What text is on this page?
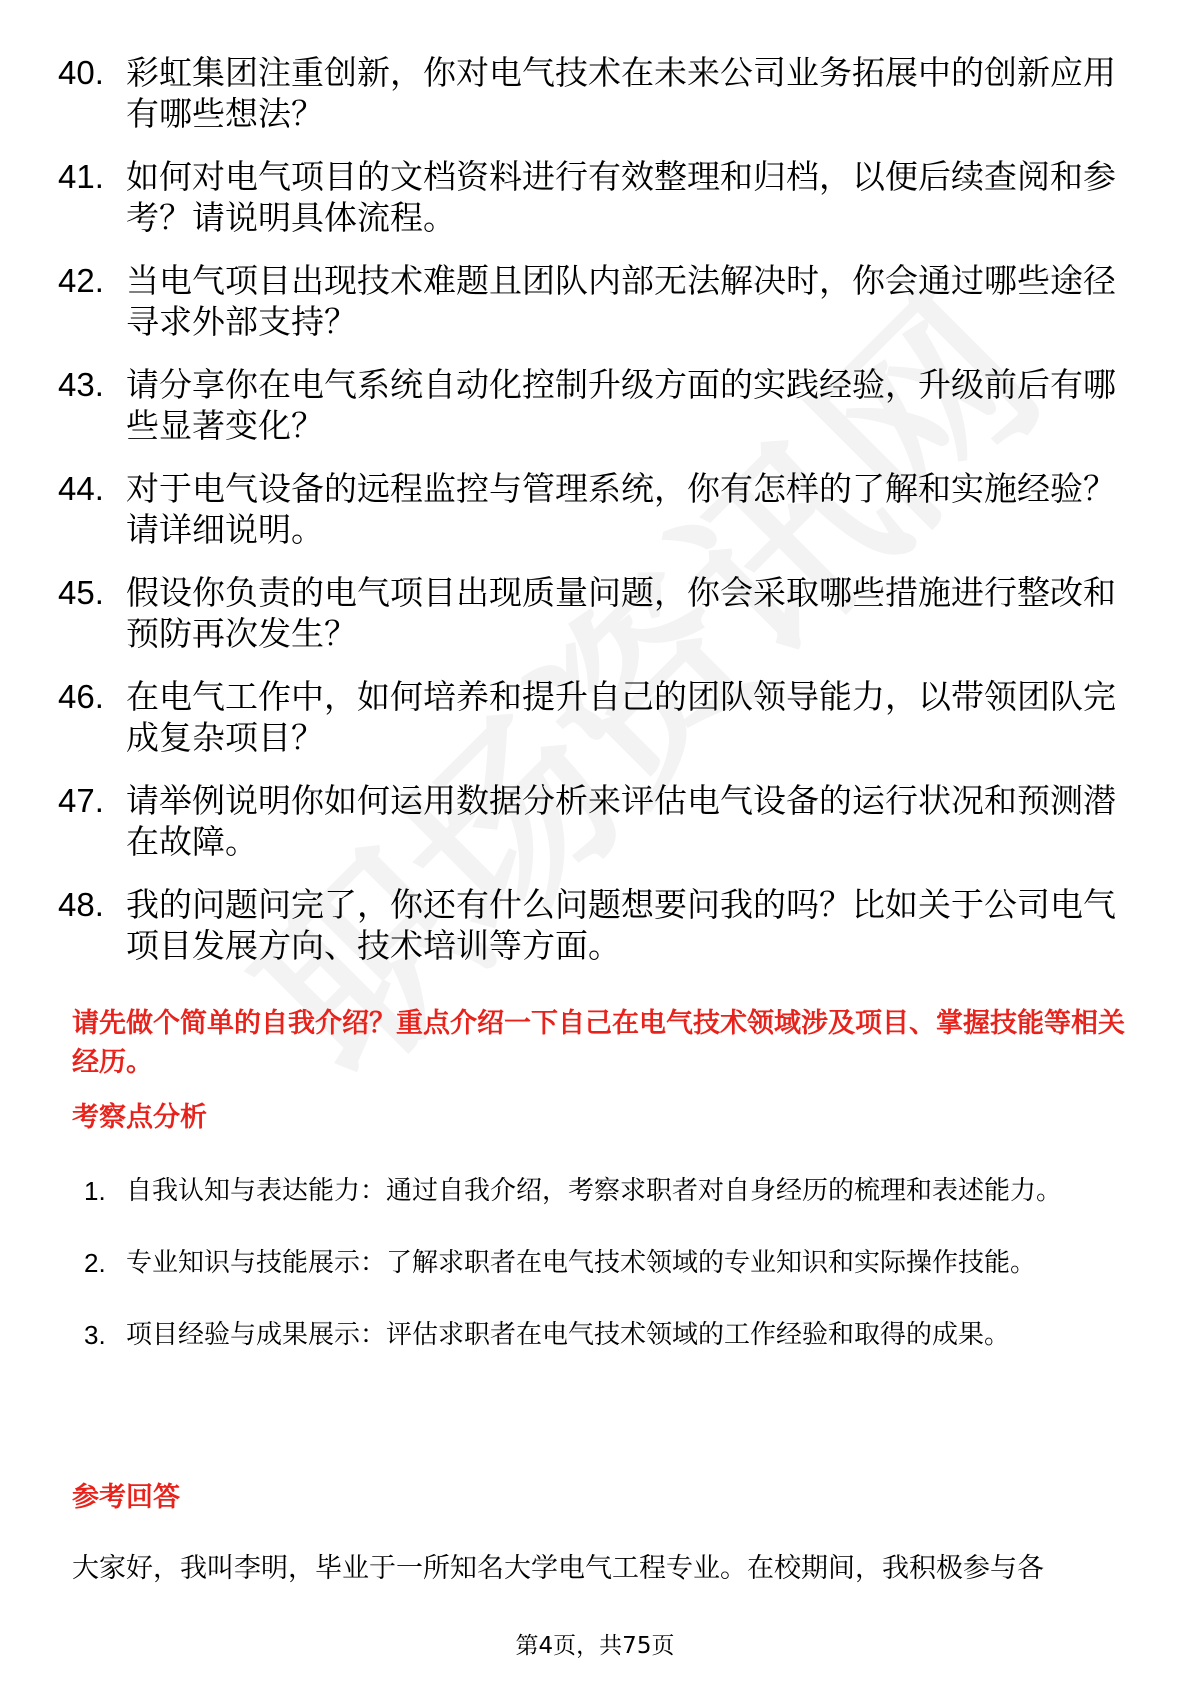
40. 彩虹集团注重创新，你对电气技术在未来公司业务拓展中的创新应用有哪些想法？
41. 如何对电气项目的文档资料进行有效整理和归档，以便后续查阅和参考？请说明具体流程。
42. 当电气项目出现技术难题且团队内部无法解决时，你会通过哪些途径寻求外部支持？
43. 请分享你在电气系统自动化控制升级方面的实践经验，升级前后有哪些显著变化？
44. 对于电气设备的远程监控与管理系统，你有怎样的了解和实施经验？请详细说明。
45. 假设你负责的电气项目出现质量问题，你会采取哪些措施进行整改和预防再次发生？
46. 在电气工作中，如何培养和提升自己的团队领导能力，以带领团队完成复杂项目？
47. 请举例说明你如何运用数据分析来评估电气设备的运行状况和预测潜在故障。
48. 我的问题问完了，你还有什么问题想要问我的吗？比如关于公司电气项目发展方向、技术培训等方面。
请先做个简单的自我介绍？重点介绍一下自己在电气技术领域涉及项目、掌握技能等相关经历。
考察点分析
1. 自我认知与表达能力：通过自我介绍，考察求职者对自身经历的梳理和表述能力。
2. 专业知识与技能展示：了解求职者在电气技术领域的专业知识和实际操作技能。
3. 项目经验与成果展示：评估求职者在电气技术领域的工作经验和取得的成果。
参考回答
大家好，我叫李明，毕业于一所知名大学电气工程专业。在校期间，我积极参与各
第4页，共75页
